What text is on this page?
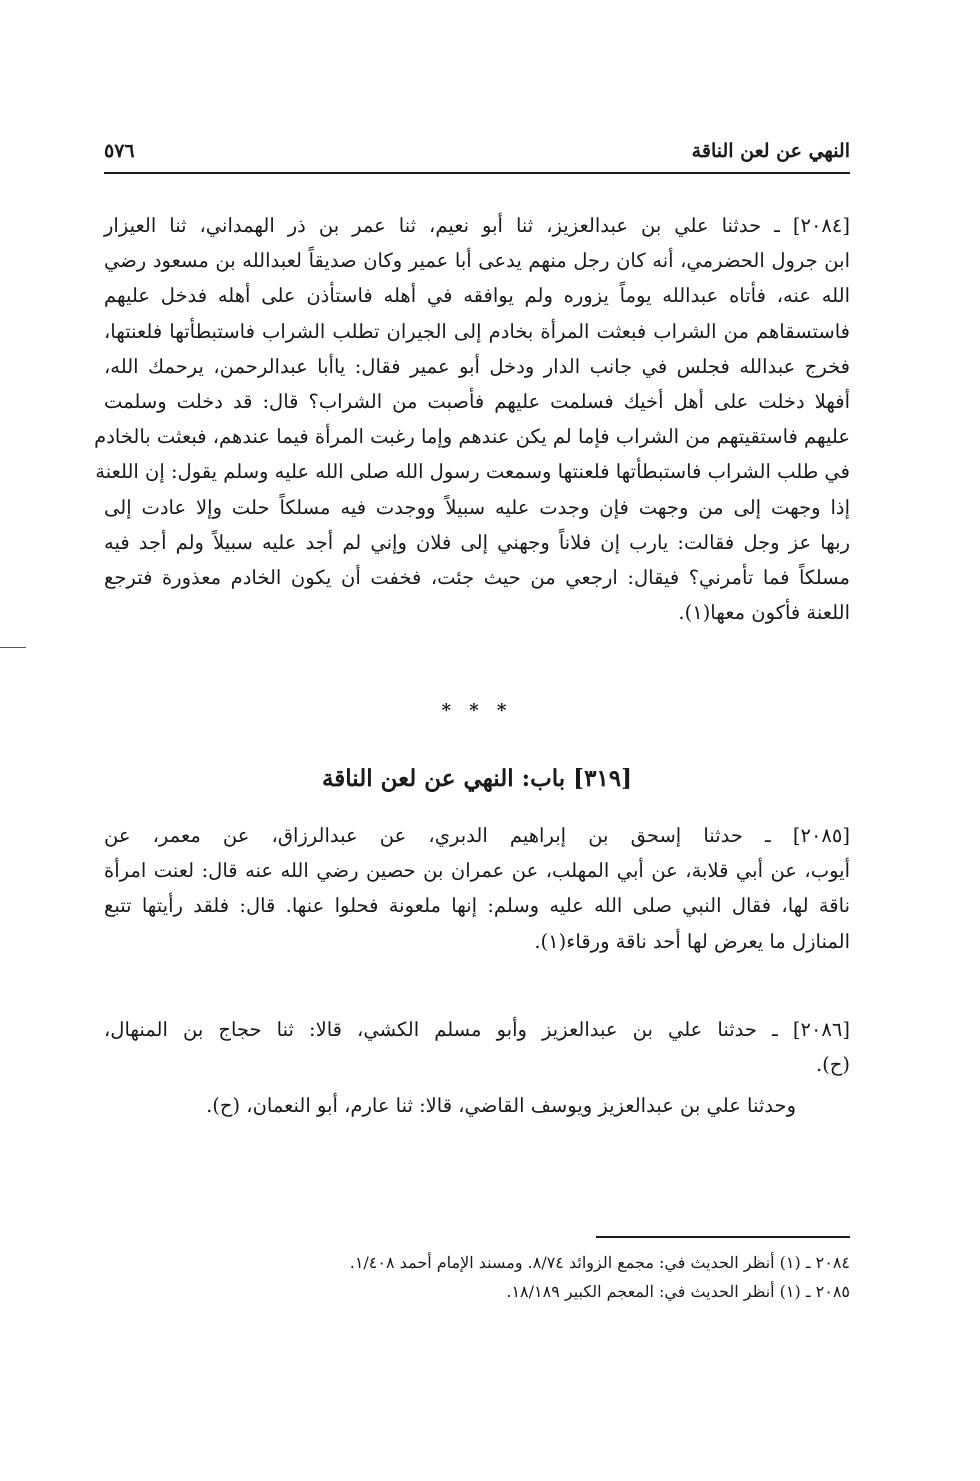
النهي عن لعن الناقة
٥٧٦
[٢٠٨٤] ـ حدثنا علي بن عبدالعزيز، ثنا أبو نعيم، ثنا عمر بن ذر الهمداني، ثنا العيزار
ابن جرول الحضرمي، أنه كان رجل منهم يدعى أبا عمير وكان صديقاً لعبدالله بن مسعود رضي
الله عنه، فأتاه عبدالله يوماً يزوره ولم يوافقه في أهله فاستأذن على أهله فدخل عليهم
فاستسقاهم من الشراب فبعثت المرأة بخادم إلى الجيران تطلب الشراب فاستبطأتها فلعنتها،
فخرج عبدالله فجلس في جانب الدار ودخل أبو عمير فقال: ياأبا عبدالرحمن، يرحمك الله،
أفهلا دخلت على أهل أخيك فسلمت عليهم فأصبت من الشراب؟ قال: قد دخلت وسلمت
عليهم فاستقيتهم من الشراب فإما لم يكن عندهم وإما رغبت المرأة فيما عندهم، فبعثت بالخادم
في طلب الشراب فاستبطأتها فلعنتها وسمعت رسول الله صلى الله عليه وسلم يقول: إن اللعنة
إذا وجهت إلى من وجهت فإن وجدت عليه سبيلاً ووجدت فيه مسلكاً حلت وإلا عادت إلى
ربها عز وجل فقالت: يارب إن فلاناً وجهني إلى فلان وإني لم أجد عليه سبيلاً ولم أجد فيه
مسلكاً فما تأمرني؟ فيقال: ارجعي من حيث جئت، فخفت أن يكون الخادم معذورة فترجع
اللعنة فأكون معها(١).
* * *
[٣١٩] باب: النهي عن لعن الناقة
[٢٠٨٥] ـ حدثنا إسحق بن إبراهيم الدبري، عن عبدالرزاق، عن معمر، عن
أيوب، عن أبي قلابة، عن أبي المهلب، عن عمران بن حصين رضي الله عنه قال: لعنت امرأة
ناقة لها، فقال النبي صلى الله عليه وسلم: إنها ملعونة فحلوا عنها. قال: فلقد رأيتها تتبع
المنازل ما يعرض لها أحد ناقة ورقاء(١).
[٢٠٨٦] ـ حدثنا علي بن عبدالعزيز وأبو مسلم الكشي، قالا: ثنا حجاج بن المنهال،
(ح).
وحدثنا علي بن عبدالعزيز ويوسف القاضي، قالا: ثنا عارم، أبو النعمان، (ح).
٢٠٨٤ ـ (١) أنظر الحديث في: مجمع الزوائد ٨/٧٤. ومسند الإمام أحمد ١/٤٠٨.
٢٠٨٥ ـ (١) أنظر الحديث في: المعجم الكبير ١٨/١٨٩.
